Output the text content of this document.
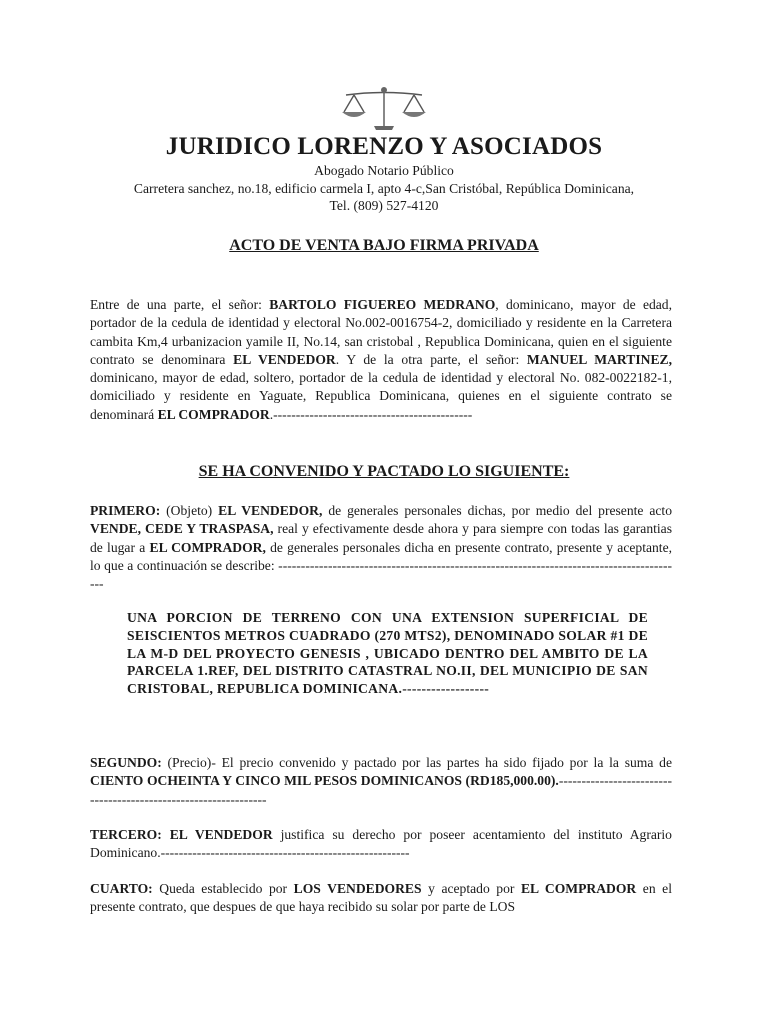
JURIDICO LORENZO Y ASOCIADOS
Abogado Notario Público
Carretera sanchez, no.18, edificio carmela I, apto 4-c,San Cristóbal, República Dominicana,
Tel. (809) 527-4120
ACTO DE VENTA BAJO FIRMA PRIVADA

Entre de una parte, el señor: BARTOLO FIGUEREO MEDRANO, dominicano, mayor de edad, portador de la cedula de identidad y electoral No.002-0016754-2, domiciliado y residente en la Carretera cambita Km,4 urbanizacion yamile II, No.14, san cristobal , Republica Dominicana, quien en el siguiente contrato se denominara EL VENDEDOR. Y de la otra parte, el señor: MANUEL MARTINEZ, dominicano, mayor de edad, soltero, portador de la cedula de identidad y electoral No. 082-0022182-1, domiciliado y residente en Yaguate, Republica Dominicana, quienes en el siguiente contrato se denominará EL COMPRADOR.--------------------------------------------

SE HA CONVENIDO Y PACTADO LO SIGUIENTE:

PRIMERO: (Objeto) EL VENDEDOR, de generales personales dichas, por medio del presente acto VENDE, CEDE Y TRASPASA, real y efectivamente desde ahora y para siempre con todas las garantias de lugar a EL COMPRADOR, de generales personales dicha en presente contrato, presente y aceptante, lo que a continuación se describe: ------------------------------------------------------------------------------------------

UNA PORCION DE TERRENO CON UNA EXTENSION SUPERFICIAL DE SEISCIENTOS METROS CUADRADO (270 MTS2), DENOMINADO SOLAR #1 DE LA M-D DEL PROYECTO GENESIS , UBICADO DENTRO DEL AMBITO DE LA PARCELA 1.REF, DEL DISTRITO CATASTRAL NO.II, DEL MUNICIPIO DE SAN CRISTOBAL, REPUBLICA DOMINICANA.------------------

SEGUNDO: (Precio)- El precio convenido y pactado por las partes ha sido fijado por la la suma de CIENTO OCHEINTA Y CINCO MIL PESOS DOMINICANOS (RD185,000.00).----------------------------------------------------------------

TERCERO: EL VENDEDOR justifica su derecho por poseer acentamiento del instituto Agrario Dominicano.-------------------------------------------------------

CUARTO: Queda establecido por LOS VENDEDORES y aceptado por EL COMPRADOR en el presente contrato, que despues de que haya recibido su solar por parte de LOS
